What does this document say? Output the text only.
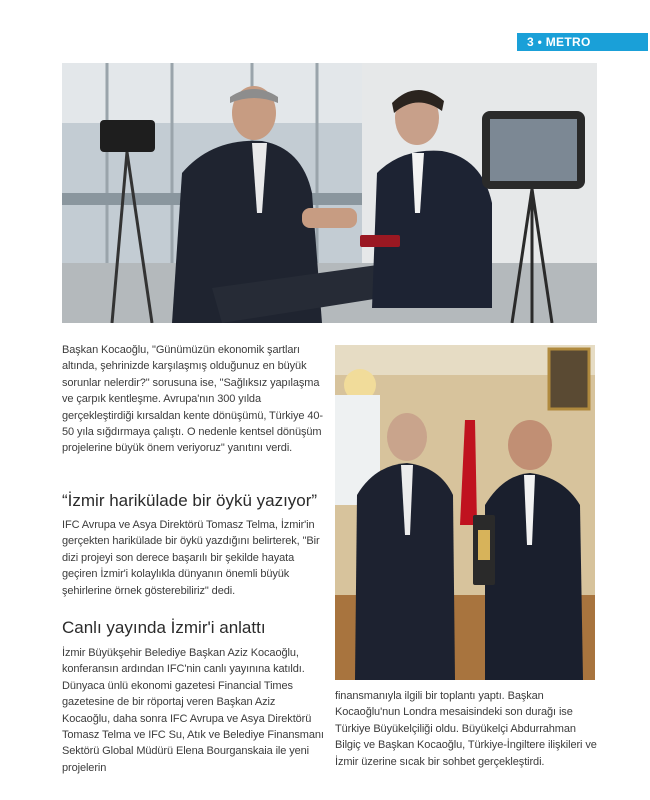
3 • METRO

Başkan Kocaoğlu, "Günümüzün ekonomik şartları altında, şehrinizde karşılaşmış olduğunuz en büyük sorunlar nelerdir?" sorusuna ise, "Sağlıksız yapılaşma ve çarpık kentleşme. Avrupa'nın 300 yılda gerçekleştirdiği kırsaldan kente dönüşümü, Türkiye 40-50 yıla sığdırmaya çalıştı. O nedenle kentsel dönüşüm projelerine büyük önem veriyoruz" yanıtını verdi.

“İzmir harikülade bir öykü yazıyor”

IFC Avrupa ve Asya Direktörü Tomasz Telma, İzmir'in gerçekten harikülade bir öykü yazdığını belirterek, "Bir dizi projeyi son derece başarılı bir şekilde hayata geçiren İzmir'i kolaylıkla dünyanın önemli büyük şehirlerine örnek gösterebiliriz" dedi.

Canlı yayında İzmir'i anlattı

İzmir Büyükşehir Belediye Başkan Aziz Kocaoğlu, konferansın ardından IFC'nin canlı yayınına katıldı. Dünyaca ünlü ekonomi gazetesi Financial Times gazetesine de bir röportaj veren Başkan Aziz Kocaoğlu, daha sonra IFC Avrupa ve Asya Direktörü Tomasz Telma ve IFC Su, Atık ve Belediye Finansmanı Sektörü Global Müdürü Elena Bourganskaia ile yeni projelerin

finansmanıyla ilgili bir toplantı yaptı. Başkan Kocaoğlu'nun Londra mesaisindeki son durağı ise Türkiye Büyükelçiliği oldu. Büyükelçi Abdurrahman Bilgiç ve Başkan Kocaoğlu, Türkiye-İngiltere ilişkileri ve İzmir üzerine sıcak bir sohbet gerçekleştirdi.
